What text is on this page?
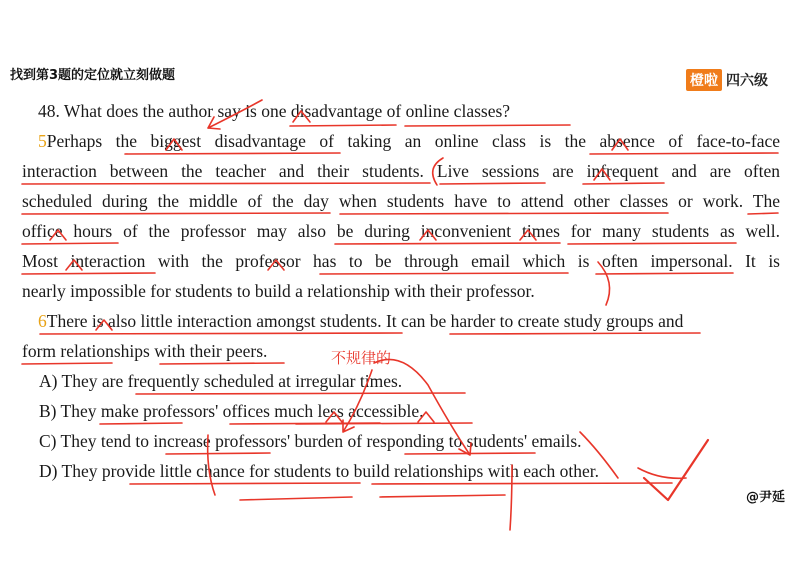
找到第3题的定位就立刻做题	橙啦 四六级
48. What does the author say is one disadvantage of online classes?
5Perhaps the biggest disadvantage of taking an online class is the absence of face-to-face
interaction between the teacher and their students. Live sessions are infrequent and are often
scheduled during the middle of the day when students have to attend other classes or work. The
office hours of the professor may also be during inconvenient times for many students as well.
Most interaction with the professor has to be through email which is often impersonal. It is
nearly impossible for students to build a relationship with their professor.
6There is also little interaction amongst students. It can be harder to create study groups and
form relationships with their peers.
A) They are frequently scheduled at irregular times.
B) They make professors' offices much less accessible.
C) They tend to increase professors' burden of responding to students' emails.
D) They provide little chance for students to build relationships with each other.
不规律的
@尹延
